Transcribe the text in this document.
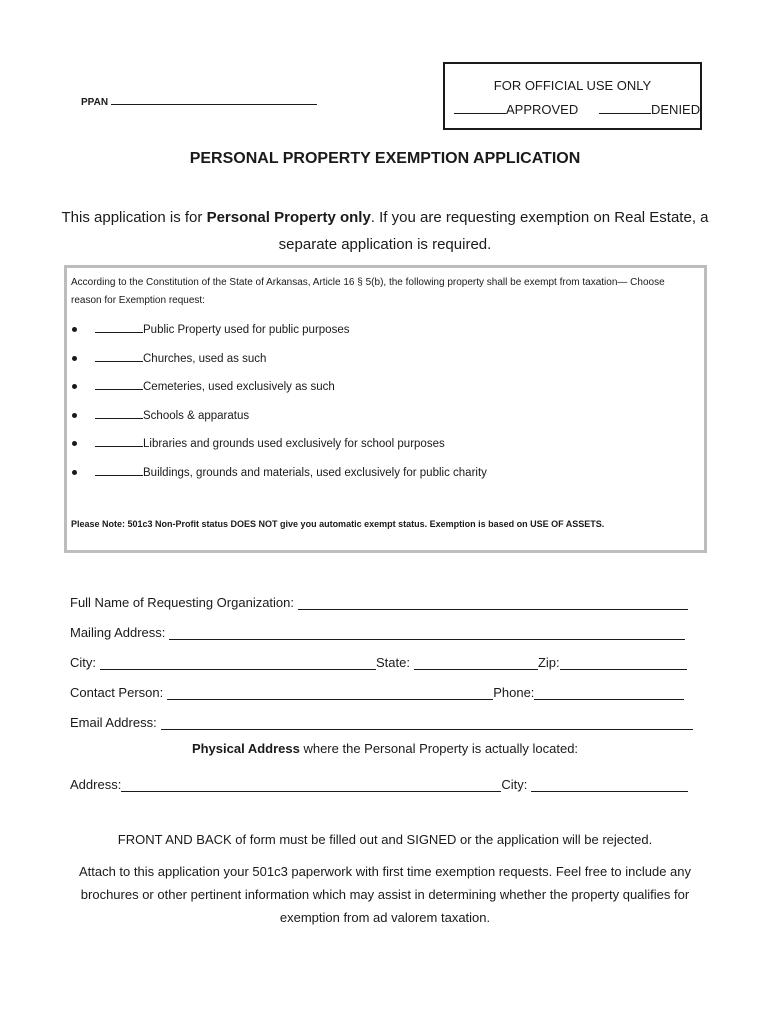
FOR OFFICIAL USE ONLY
APPROVED	DENIED
PPAN
PERSONAL PROPERTY EXEMPTION APPLICATION
This application is for Personal Property only. If you are requesting exemption on Real Estate, a separate application is required.
According to the Constitution of the State of Arkansas, Article 16 § 5(b), the following property shall be exempt from taxation— Choose reason for Exemption request:
Public Property used for public purposes
Churches, used as such
Cemeteries, used exclusively as such
Schools & apparatus
Libraries and grounds used exclusively for school purposes
Buildings, grounds and materials, used exclusively for public charity
Please Note: 501c3 Non-Profit status DOES NOT give you automatic exempt status. Exemption is based on USE OF ASSETS.
Full Name of Requesting Organization:
Mailing Address:
City:	State:	Zip:
Contact Person:	Phone:
Email Address:
Physical Address where the Personal Property is actually located:
Address:	City:
FRONT AND BACK of form must be filled out and SIGNED or the application will be rejected.
Attach to this application your 501c3 paperwork with first time exemption requests. Feel free to include any brochures or other pertinent information which may assist in determining whether the property qualifies for exemption from ad valorem taxation.
